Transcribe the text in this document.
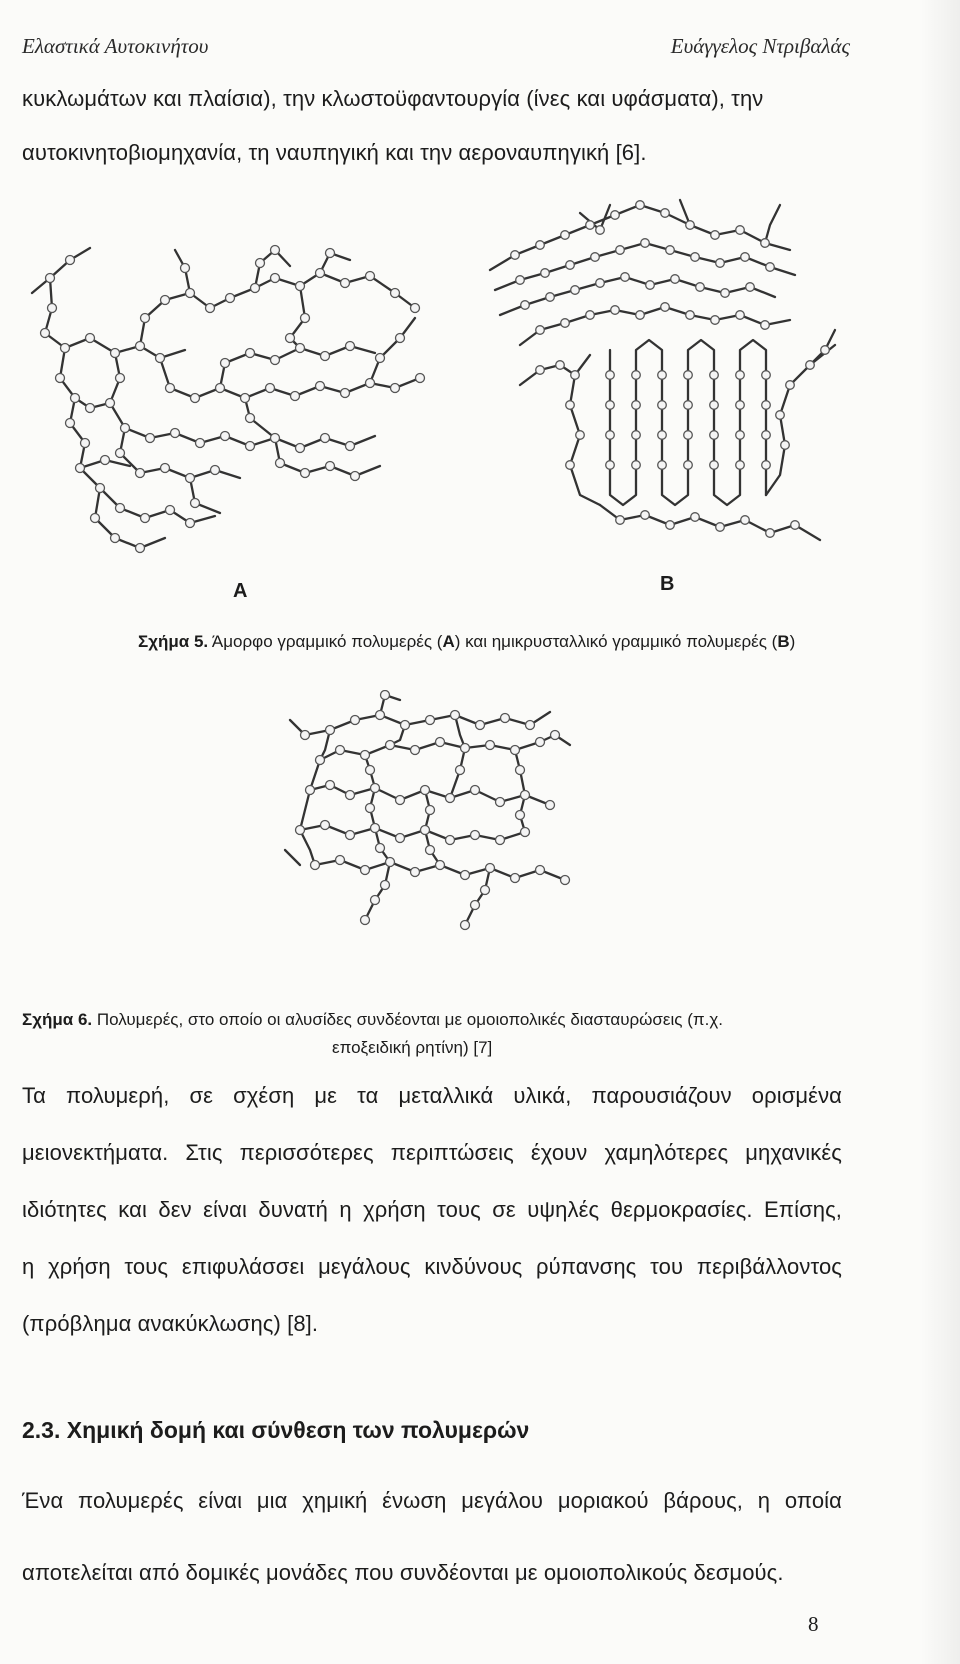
Ελαστικά Αυτοκινήτου	Ευάγγελος Ντριβαλάς
κυκλωμάτων και πλαίσια), την κλωστοϋφαντουργία (ίνες και υφάσματα), την
αυτοκινητοβιομηχανία, τη ναυπηγική και την αεροναυπηγική [6].
A	B
Σχήμα 5. Άμορφο γραμμικό πολυμερές (A) και ημικρυσταλλικό γραμμικό πολυμερές (B)
Σχήμα 6. Πολυμερές, στο οποίο οι αλυσίδες συνδέονται με ομοιοπολικές διασταυρώσεις (π.χ.
εποξειδική ρητίνη) [7]
Τα πολυμερή, σε σχέση με τα μεταλλικά υλικά, παρουσιάζουν ορισμένα
μειονεκτήματα. Στις περισσότερες περιπτώσεις έχουν χαμηλότερες μηχανικές
ιδιότητες και δεν είναι δυνατή η χρήση τους σε υψηλές θερμοκρασίες. Επίσης,
η χρήση τους επιφυλάσσει μεγάλους κινδύνους ρύπανσης του περιβάλλοντος
(πρόβλημα ανακύκλωσης) [8].
2.3. Χημική δομή και σύνθεση των πολυμερών
Ένα πολυμερές είναι μια χημική ένωση μεγάλου μοριακού βάρους, η οποία
αποτελείται από δομικές μονάδες που συνδέονται με ομοιοπολικούς δεσμούς.
8
